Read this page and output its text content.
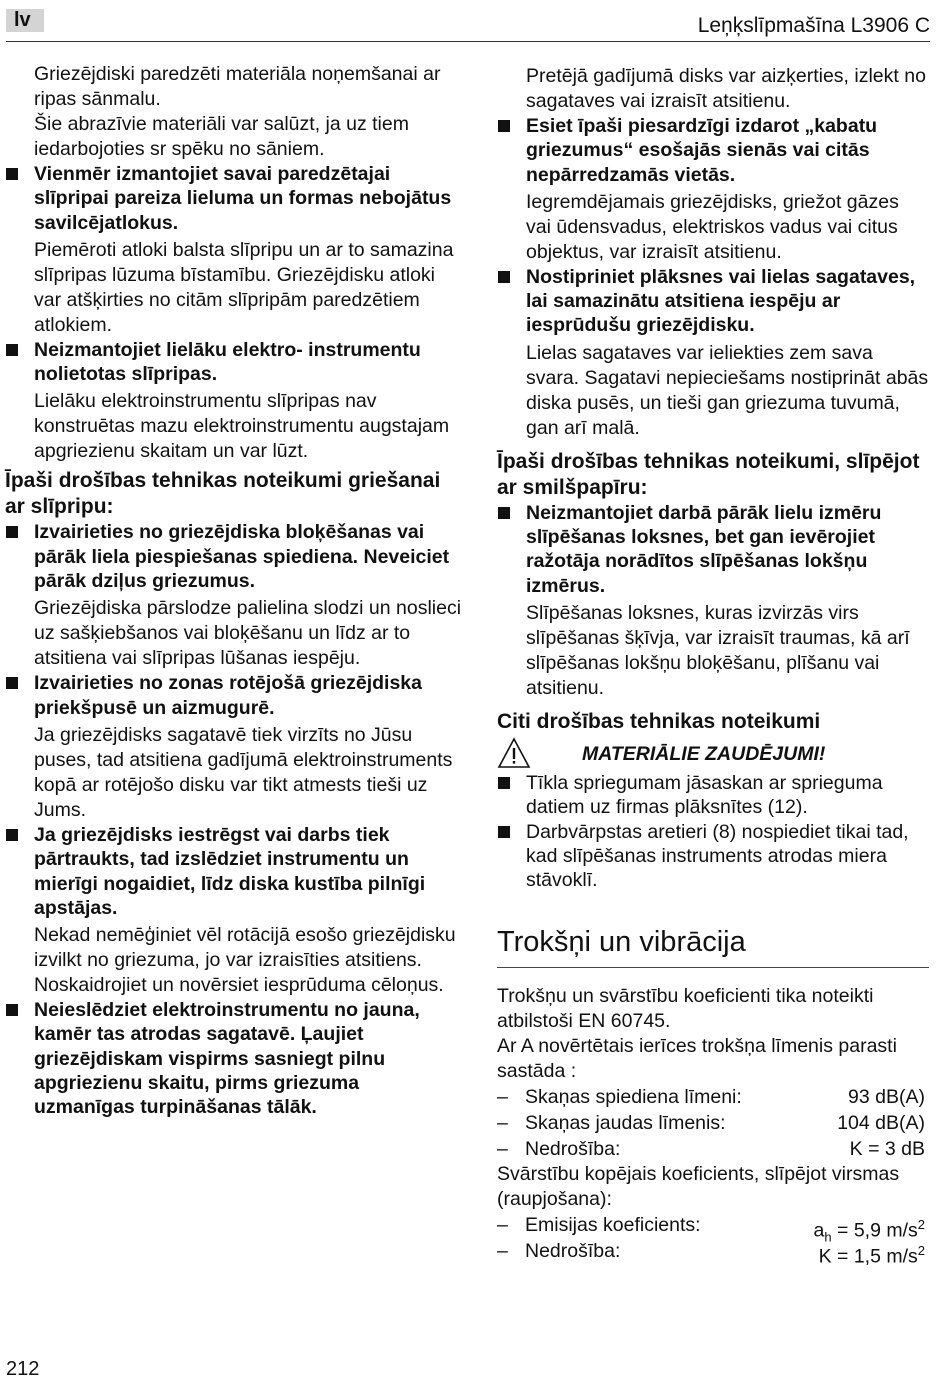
lv	Leņķslīpmašīna L3906 C

Griezējdiski paredzēti materiāla noņemšanai ar ripas sānmalu.

Šie abrazīvie materiāli var salūzt, ja uz tiem iedarbojoties sr spēku no sāniem.

Vienmēr izmantojiet savai paredzētajai slīpripai pareiza lieluma un formas nebojātus savilcējatlokus.

Piemēroti atloki balsta slīpripu un ar to samazina slīpripas lūzuma bīstamību. Griezējdisku atloki var atšķirties no citām slīpripām paredzētiem atlokiem.

Neizmantojiet lielāku elektro- instrumentu nolietotas slīpripas.

Lielāku elektroinstrumentu slīpripas nav konstruētas mazu elektroinstrumentu augstajam apgriezienu skaitam un var lūzt.

Īpaši drošības tehnikas noteikumi griešanai ar slīpripu:

Izvairieties no griezējdiska bloķēšanas vai pārāk liela piespiešanas spiediena. Neveiciet pārāk dziļus griezumus.

Griezējdiska pārslodze palielina slodzi un noslieci uz sašķiebšanos vai bloķēšanu un līdz ar to atsitiena vai slīpripas lūšanas iespēju.

Izvairieties no zonas rotējošā griezējdiska priekšpusē un aizmugurē.

Ja griezējdisks sagatavē tiek virzīts no Jūsu puses, tad atsitiena gadījumā elektroinstruments kopā ar rotējošo disku var tikt atmests tieši uz Jums.

Ja griezējdisks iestrēgst vai darbs tiek pārtraukts, tad izslēdziet instrumentu un mierīgi nogaidiet, līdz diska kustība pilnīgi apstājas.

Nekad nemēģiniet vēl rotācijā esošo griezējdisku izvilkt no griezuma, jo var izraisīties atsitiens. Noskaidrojiet un novērsiet iesprūduma cēloņus.

Neieslēdziet elektroinstrumentu no jauna, kamēr tas atrodas sagatavē. Ļaujiet griezējdiskam vispirms sasniegt pilnu apgriezienu skaitu, pirms griezuma uzmanīgas turpināšanas tālāk.

Pretējā gadījumā disks var aizķerties, izlekt no sagataves vai izraisīt atsitienu.

Esiet īpaši piesardzīgi izdarot „kabatu griezumus“ esošajās sienās vai citās nepārredzamās vietās.

Iegremdējamais griezējdisks, griežot gāzes vai ūdensvadus, elektriskos vadus vai citus objektus, var izraisīt atsitienu.

Nostipriniet plāksnes vai lielas sagataves, lai samazinātu atsitiena iespēju ar iesprūdušu griezējdisku.

Lielas sagataves var ieliekties zem sava svara. Sagatavi nepieciešams nostiprināt abās diska pusēs, un tieši gan griezuma tuvumā, gan arī malā.

Īpaši drošības tehnikas noteikumi, slīpējot ar smilšpapīru:

Neizmantojiet darbā pārāk lielu izmēru slīpēšanas loksnes, bet gan ievērojiet ražotāja norādītos slīpēšanas lokšņu izmērus.

Slīpēšanas loksnes, kuras izvirzās virs slīpēšanas šķīvja, var izraisīt traumas, kā arī slīpēšanas lokšņu bloķēšanu, plīšanu vai atsitienu.

Citi drošības tehnikas noteikumi

MATERIĀLIE ZAUDĒJUMI!

Tīkla spriegumam jāsaskan ar sprieguma datiem uz firmas plāksnītes (12).

Darbvārpstas aretieri (8) nospiediet tikai tad, kad slīpēšanas instruments atrodas miera stāvoklī.

Trokšņi un vibrācija

Trokšņu un svārstību koeficienti tika noteikti atbilstoši EN 60745.

Ar A novērtētais ierīces trokšņa līmenis parasti sastāda :

– Skaņas spiediena līmeni:	93 dB(A)
– Skaņas jaudas līmenis:	104 dB(A)
– Nedrošība:	K = 3 dB

Svārstību kopējais koeficients, slīpējot virsmas (raupjošana):

– Emisijas koeficients:	$a_h = 5,9$ $m/s^2$
– Nedrošība:	K = 1,5 $m/s^2$
212
